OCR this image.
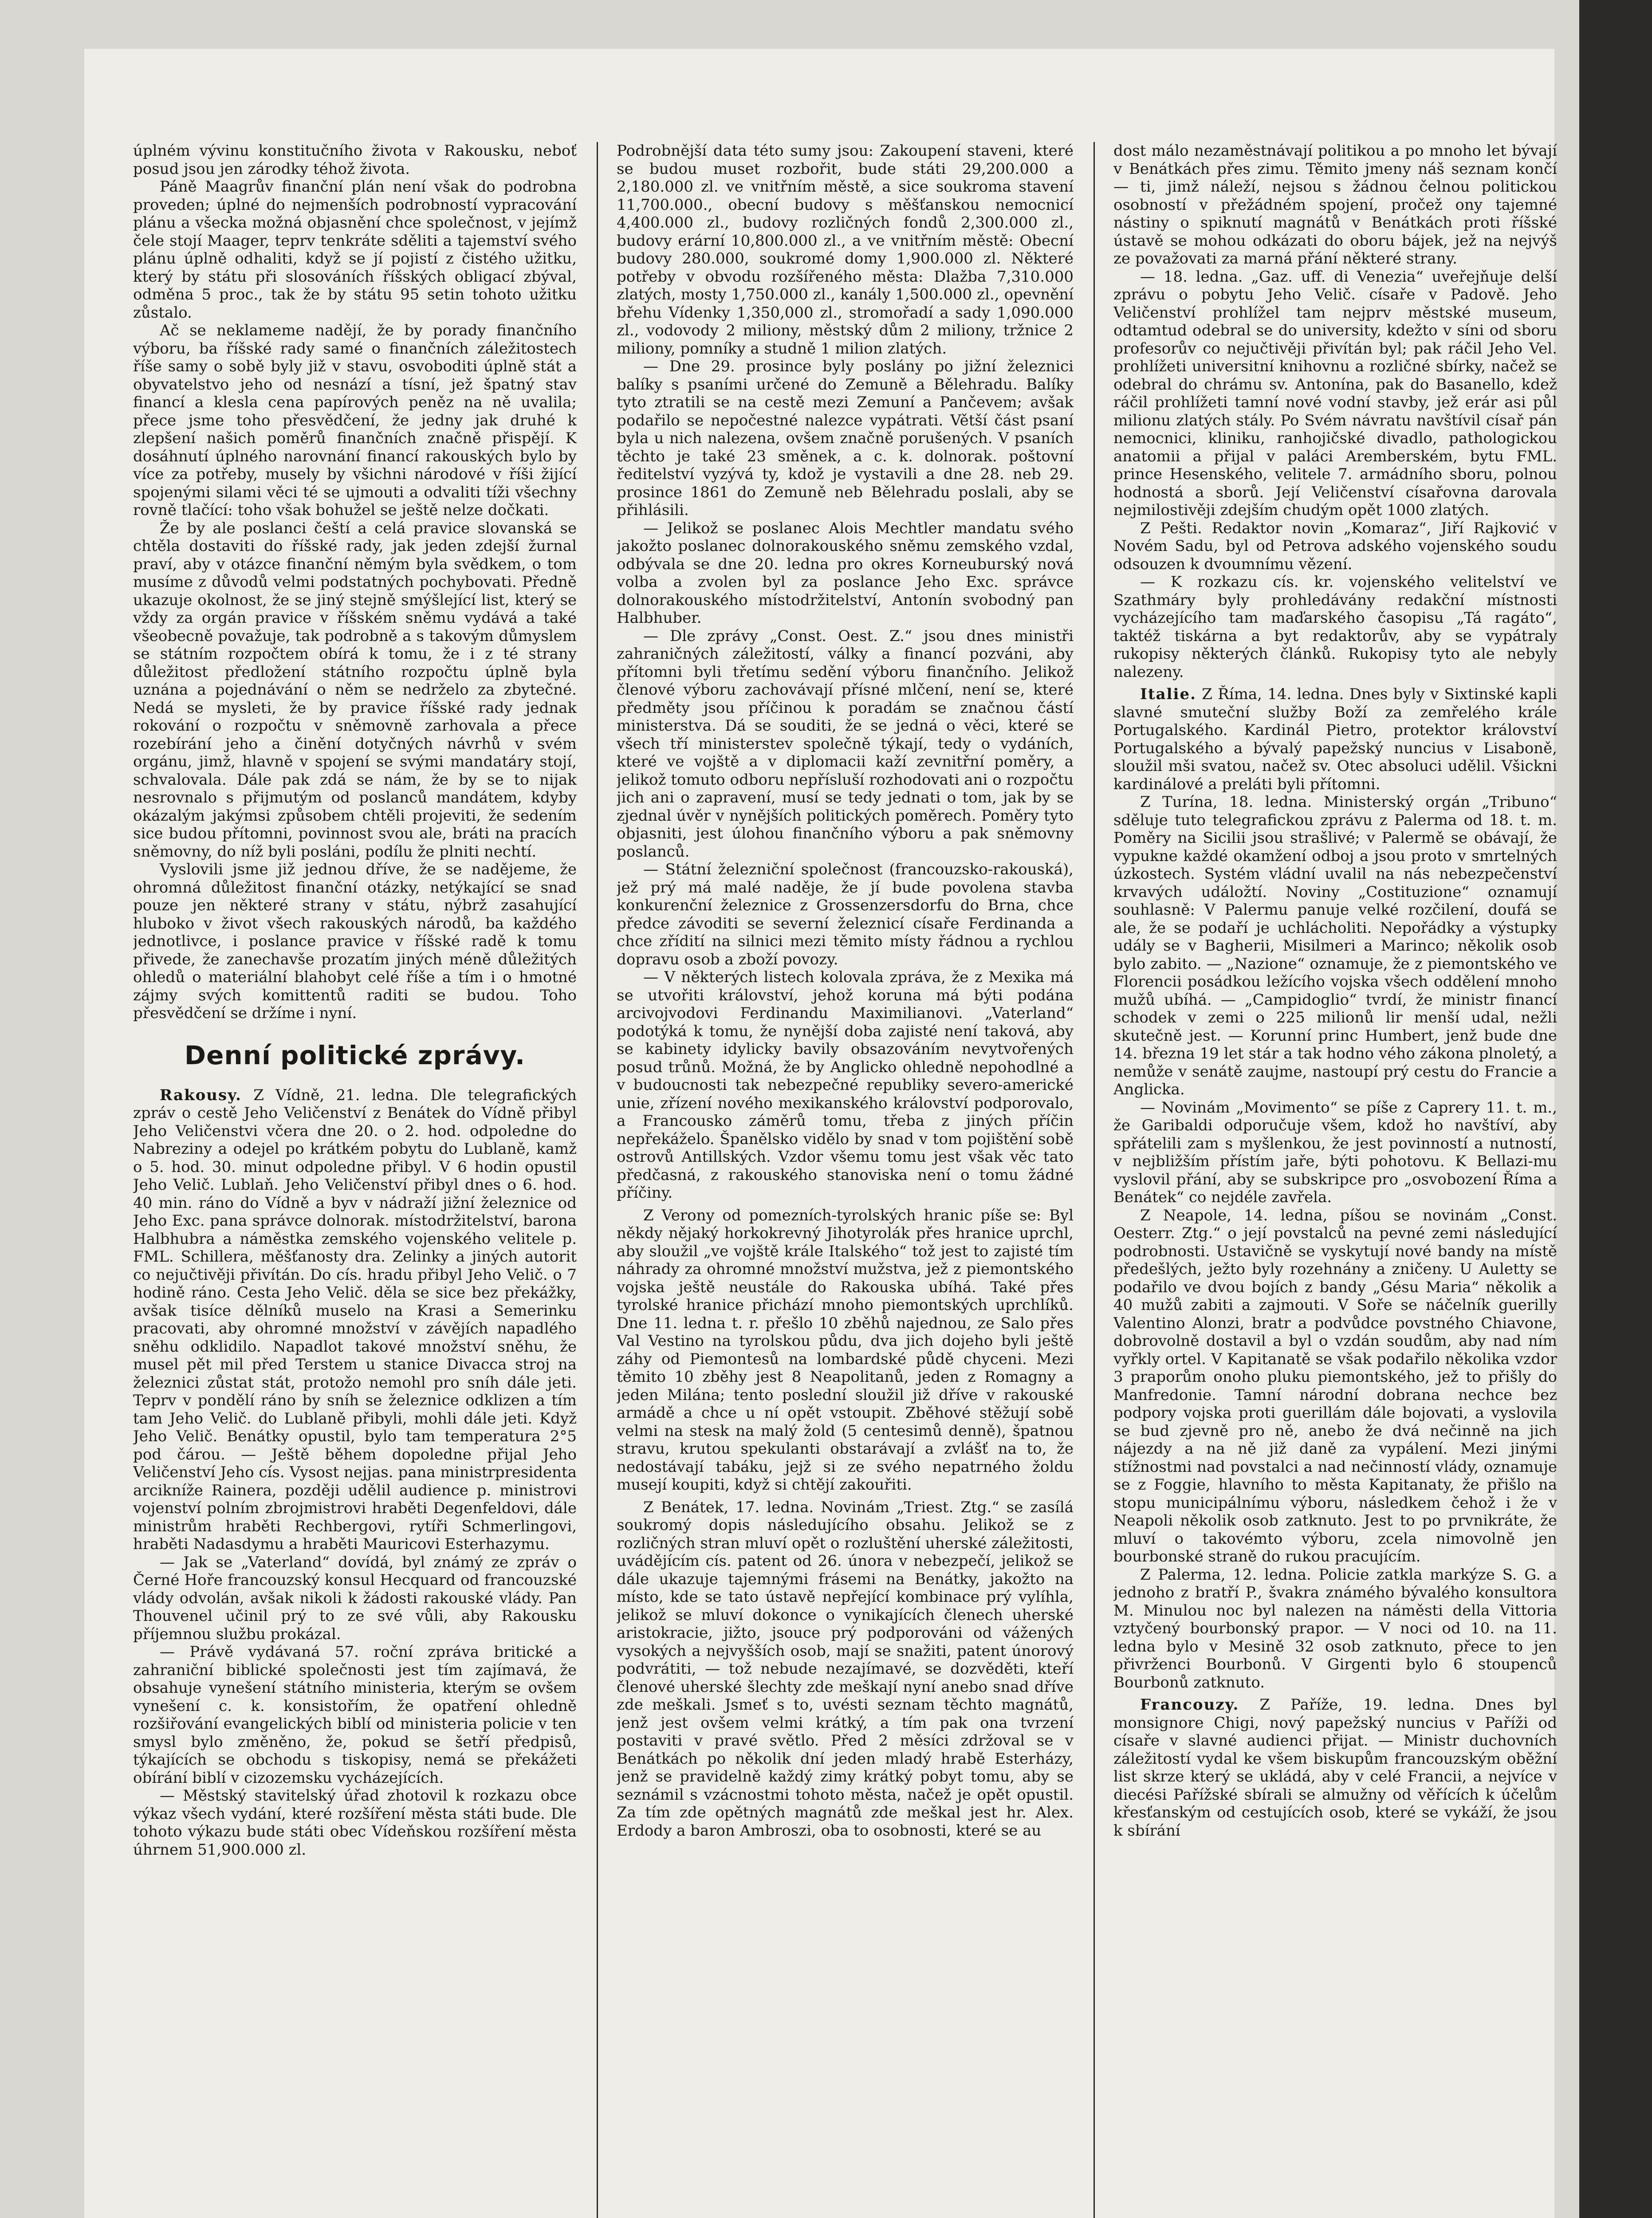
úplném vývinu konstitučního života v Rakousku, neboť posud jsou jen zárodky téhož života.

Páně Maagrův finanční plán není však do podrobna proveden; úplné do nejmenších podrobností vypracování plánu a všecka možná objasnění chce společnost, v jejímž čele stojí Maager, teprv tenkráte sděliti a tajemství svého plánu úplně odhaliti, když se jí pojistí z čistého užitku, který by státu při slosováních říšských obligací zbýval, odměna 5 proc., tak že by státu 95 setin tohoto užitku zůstalo.

Ač se neklameme nadějí, že by porady finančního výboru, ba říšské rady samé o finančních záležitostech říše samy o sobě byly již v stavu, osvoboditi úplně stát a obyvatelstvo jeho od nesnází a tísní, jež špatný stav financí a klesla cena papírových peněz na ně uvalila; přece jsme toho přesvědčení, že jedny jak druhé k zlepšení našich poměrů finančních značně přispějí. K dosáhnutí úplného narovnání financí rakouských bylo by více za potřeby, musely by všichni národové v říši žijící spojenými silami věci té se ujmouti a odvaliti tíži všechny rovně tlačící: toho však bohužel se ještě nelze dočkati.

Že by ale poslanci čeští a celá pravice slovanská se chtěla dostaviti do říšské rady, jak jeden zdejší žurnal praví, aby v otázce finanční němým byla svědkem, o tom musíme z důvodů velmi podstatných pochybovati. Předně ukazuje okolnost, že se jiný stejně smýšlející list, který se vždy za orgán pravice v říšském sněmu vydává a také všeobecně považuje, tak podrobně a s takovým důmyslem se státním rozpočtem obírá k tomu, že i z té strany důležitost předložení státního rozpočtu úplně byla uznána a pojednávání o něm se nedrželo za zbytečné. Nedá se mysleti, že by pravice říšské rady jednak rokování o rozpočtu v sněmovně zarhovala a přece rozebírání jeho a činění dotyčných návrhů v svém orgánu, jimž, hlavně v spojení se svými mandatáry stojí, schvalovala. Dále pak zdá se nám, že by se to nijak nesrovnalo s přijmutým od poslanců mandátem, kdyby okázalým jakýmsi způsobem chtěli projeviti, že sedením sice budou přítomni, povinnost svou ale, bráti na pracích sněmovny, do níž byli posláni, podílu že plniti nechtí.

Vyslovili jsme již jednou dříve, že se nadějeme, že ohromná důležitost finanční otázky, netýkající se snad pouze jen některé strany v státu, nýbrž zasahující hluboko v život všech rakouských národů, ba každého jednotlivce, i poslance pravice v říšské radě k tomu přivede, že zanechavše prozatím jiných méně důležitých ohledů o materiální blahobyt celé říše a tím i o hmotné zájmy svých komittentů raditi se budou. Toho přesvědčení se držíme i nyní.

Denní politické zprávy.

Rakousy. Z Vídně, 21. ledna. Dle telegrafických zpráv o cestě Jeho Veličenství z Benátek do Vídně přibyl Jeho Veličenstvi včera dne 20. o 2. hod. odpoledne do Nabreziny a odejel po krátkém pobytu do Lublaně, kamž o 5. hod. 30. minut odpoledne přibyl. V 6 hodin opustil Jeho Velič. Lublaň. Jeho Veličenství přibyl dnes o 6. hod. 40 min. ráno do Vídně a byv v nádraží jižní železnice od Jeho Exc. pana správce dolnorak. místodržitelství, barona Halbhubra a náměstka zemského vojenského velitele p. FML. Schillera, měšťanosty dra. Zelinky a jiných autorit co nejučtivěji přivítán. Do cís. hradu přibyl Jeho Velič. o 7 hodině ráno. Cesta Jeho Velič. děla se sice bez překážky, avšak tisíce dělníků muselo na Krasi a Semerinku pracovati, aby ohromné množství v závějích napadlého sněhu odklidilo. Napadlot takové množství sněhu, že musel pět mil před Terstem u stanice Divacca stroj na železnici zůstat stát, protožo nemohl pro sníh dále jeti. Teprv v pondělí ráno by sníh se železnice odklizen a tím tam Jeho Velič. do Lublaně přibyli, mohli dále jeti. Když Jeho Velič. Benátky opustil, bylo tam temperatura 2°5 pod čárou. — Ještě během dopoledne přijal Jeho Veličenství Jeho cís. Vysost nejjas. pana ministrpresidenta arcikníže Rainera, později udělil audience p. ministrovi vojenství polním zbrojmistrovi hraběti Degenfeldovi, dále ministrům hraběti Rechbergovi, rytíři Schmerlingovi, hraběti Nadasdymu a hraběti Mauricovi Esterhazymu.

— Jak se „Vaterland“ dovídá, byl známý ze zpráv o Černé Hoře francouzský konsul Hecquard od francouzské vlády odvolán, avšak nikoli k žádosti rakouské vlády. Pan Thouvenel učinil prý to ze své vůli, aby Rakousku příjemnou službu prokázal.

— Právě vydávaná 57. roční zpráva britické a zahraniční biblické společnosti jest tím zajímavá, že obsahuje vynešení státního ministeria, kterým se ovšem vynešení c. k. konsistořím, že opatření ohledně rozšiřování evangelických biblí od ministeria policie v ten smysl bylo změněno, že, pokud se šetří předpisů, týkajících se obchodu s tiskopisy, nemá se překážeti obírání biblí v cizozemsku vycházejících.

— Městský stavitelský úřad zhotovil k rozkazu obce výkaz všech vydání, které rozšíření města státi bude. Dle tohoto výkazu bude státi obec Vídeňskou rozšíření města úhrnem 51,900.000 zl.

Podrobnější data této sumy jsou: Zakoupení staveni, které se budou muset rozbořit, bude státi 29,200.000 a 2,180.000 zl. ve vnitřním městě, a sice soukroma stavení 11,700.000., obecní budovy s měšťanskou nemocnicí 4,400.000 zl., budovy rozličných fondů 2,300.000 zl., budovy erární 10,800.000 zl., a ve vnitřním městě: Obecní budovy 280.000, soukromé domy 1,900.000 zl. Některé potřeby v obvodu rozšířeného města: Dlažba 7,310.000 zlatých, mosty 1,750.000 zl., kanály 1,500.000 zl., opevnění břehu Vídenky 1,350,000 zl., stromořadí a sady 1,090.000 zl., vodovody 2 miliony, městský dům 2 miliony, tržnice 2 miliony, pomníky a studně 1 milion zlatých.

— Dne 29. prosince byly poslány po jižní železnici balíky s psaními určené do Zemuně a Bělehradu. Balíky tyto ztratili se na cestě mezi Zemuní a Pančevem; avšak podařilo se nepočestné nalezce vypátrati. Větší část psaní byla u nich nalezena, ovšem značně porušených. V psaních těchto je také 23 směnek, a c. k. dolnorak. poštovní ředitelství vyzývá ty, kdož je vystavili a dne 28. neb 29. prosince 1861 do Zemuně neb Bělehradu poslali, aby se přihlásili.

— Jelikož se poslanec Alois Mechtler mandatu svého jakožto poslanec dolnorakouského sněmu zemského vzdal, odbývala se dne 20. ledna pro okres Korneuburský nová volba a zvolen byl za poslance Jeho Exc. správce dolnorakouského místodržitelství, Antonín svobodný pan Halbhuber.

— Dle zprávy „Const. Oest. Z.“ jsou dnes ministři zahraničných záležitostí, války a financí pozváni, aby přítomni byli třetímu sedění výboru finančního. Jelikož členové výboru zachovávají přísné mlčení, není se, které předměty jsou příčinou k poradám se značnou částí ministerstva. Dá se souditi, že se jedná o věci, které se všech tří ministerstev společně týkají, tedy o vydáních, které ve vojště a v diplomacii kaží zevnitřní poměry, a jelikož tomuto odboru nepřísluší rozhodovati ani o rozpočtu jich ani o zapravení, musí se tedy jednati o tom, jak by se zjednal úvěr v nynějších politických poměrech. Poměry tyto objasniti, jest úlohou finančního výboru a pak sněmovny poslanců.

— Státní železniční společnost (francouzsko-rakouská), jež prý má malé naděje, že jí bude povolena stavba konkurenční železnice z Grossenzersdorfu do Brna, chce předce závoditi se severní železnicí císaře Ferdinanda a chce zřídití na silnici mezi těmito místy řádnou a rychlou dopravu osob a zboží povozy.

— V některých listech kolovala zpráva, že z Mexika má se utvořiti království, jehož koruna má býti podána arcivojvodovi Ferdinandu Maximilianovi. „Vaterland“ podotýká k tomu, že nynější doba zajisté není taková, aby se kabinety idylicky bavily obsazováním nevytvořených posud trůnů. Možná, že by Anglicko ohledně nepohodlné a v budoucnosti tak nebezpečné republiky severo-americké unie, zřízení nového mexikanského království podporovalo, a Francousko záměrů tomu, třeba z jiných příčin nepřekáželo. Španělsko vidělo by snad v tom pojištění sobě ostrovů Antillských. Vzdor všemu tomu jest však věc tato předčasná, z rakouského stanoviska není o tomu žádné příčiny.

Z Verony od pomezních-tyrolských hranic píše se: Byl někdy nějaký horkokrevný Jihotyrolák přes hranice uprchl, aby sloužil „ve vojště krále Italského“ tož jest to zajisté tím náhrady za ohromné množství mužstva, jež z piemontského vojska ještě neustále do Rakouska ubíhá. Také přes tyrolské hranice přichází mnoho piemontských uprchlíků. Dne 11. ledna t. r. přešlo 10 zběhů najednou, ze Salo přes Val Vestino na tyrolskou půdu, dva jich dojeho byli ještě záhy od Piemontesů na lombardské půdě chyceni. Mezi těmito 10 zběhy jest 8 Neapolitanů, jeden z Romagny a jeden Milána; tento poslední sloužil již dříve v rakouské armádě a chce u ní opět vstoupit. Zběhové stěžují sobě velmi na stesk na malý žold (5 centesimů denně), špatnou stravu, krutou spekulanti obstarávají a zvlášť na to, že nedostávají tabáku, jejž si ze svého nepatrného žoldu musejí koupiti, když si chtějí zakouřiti.

Z Benátek, 17. ledna. Novinám „Triest. Ztg.“ se zasílá soukromý dopis následujícího obsahu. Jelikož se z rozličných stran mluví opět o rozluštění uherské záležitosti, uvádějícím cís. patent od 26. února v nebezpečí, jelikož se dále ukazuje tajemnými frásemi na Benátky, jakožto na místo, kde se tato ústavě nepřející kombinace prý vylíhla, jelikož se mluví dokonce o vynikajících členech uherské aristokracie, jižto, jsouce prý podporováni od vážených vysokých a nejvyšších osob, mají se snažiti, patent únorový podvrátiti, — tož nebude nezajímavé, se dozvěděti, kteří členové uherské šlechty zde meškají nyní anebo snad dříve zde meškali. Jsmeť s to, uvésti seznam těchto magnátů, jenž jest ovšem velmi krátký, a tím pak ona tvrzení postaviti v pravé světlo. Před 2 měsíci zdržoval se v Benátkách po několik dní jeden mladý hrabě Esterházy, jenž se pravidelně každý zimy krátký pobyt tomu, aby se seznámil s vzácnostmi tohoto města, načež je opět opustil. Za tím zde opětných magnátů zde meškal jest hr. Alex. Erdody a baron Ambroszi, oba to osobnosti, které se au

dost málo nezaměstnávají politikou a po mnoho let bývají v Benátkách přes zimu. Těmito jmeny náš seznam končí — ti, jimž náleží, nejsou s žádnou čelnou politickou osobností v přežádném spojení, pročež ony tajemné nástiny o spiknutí magnátů v Benátkách proti říšské ústavě se mohou odkázati do oboru bájek, jež na nejvýš ze považovati za marná přání některé strany.

— 18. ledna. „Gaz. uff. di Venezia“ uveřejňuje delší zprávu o pobytu Jeho Velič. císaře v Padově. Jeho Veličenství prohlížel tam nejprv městské museum, odtamtud odebral se do university, kdežto v síni od sboru profesorův co nejučtivěji přivítán byl; pak ráčil Jeho Vel. prohlížeti universitní knihovnu a rozličné sbírky, načež se odebral do chrámu sv. Antonína, pak do Basanello, kdež ráčil prohlížeti tamní nové vodní stavby, jež erár asi půl milionu zlatých stály. Po Svém návratu navštívil císař pán nemocnici, kliniku, ranhojičské divadlo, pathologickou anatomii a přijal v paláci Aremberském, bytu FML. prince Hesenského, velitele 7. armádního sboru, polnou hodnostá a sborů. Její Veličenství císařovna darovala nejmilostivěji zdejším chudým opět 1000 zlatých.

Z Pešti. Redaktor novin „Komaraz“, Jiří Rajković v Novém Sadu, byl od Petrova adského vojenského soudu odsouzen k dvoumnímu vězení.

— K rozkazu cís. kr. vojenského velitelství ve Szathmáry byly prohledávány redakční místnosti vycházejícího tam maďarského časopisu „Tá ragáto“, taktéž tiskárna a byt redaktorův, aby se vypátraly rukopisy některých článků. Rukopisy tyto ale nebyly nalezeny.

Italie. Z Říma, 14. ledna. Dnes byly v Sixtinské kapli slavné smuteční služby Boží za zemřelého krále Portugalského. Kardinál Pietro, protektor království Portugalského a bývalý papežský nuncius v Lisaboně, sloužil mši svatou, načež sv. Otec absoluci udělil. Všickni kardinálové a preláti byli přítomni.

Z Turína, 18. ledna. Ministerský orgán „Tribuno“ sděluje tuto telegrafickou zprávu z Palerma od 18. t. m. Poměry na Sicilii jsou strašlivé; v Palermě se obávají, že vypukne každé okamžení odboj a jsou proto v smrtelných úzkostech. Systém vládní uvalil na nás nebezpečenství krvavých událožtí. Noviny „Costituzione“ oznamují souhlasně: V Palermu panuje velké rozčilení, doufá se ale, že se podaří je uchlácholiti. Nepořádky a výstupky udály se v Bagherii, Misilmeri a Marinco; několik osob bylo zabito. — „Nazione“ oznamuje, že z piemontského ve Florencii posádkou ležícího vojska všech oddělení mnoho mužů ubíhá. — „Campidoglio“ tvrdí, že ministr financí schodek v zemi o 225 milionů lir menší udal, nežli skutečně jest. — Korunní princ Humbert, jenž bude dne 14. března 19 let stár a tak hodno vého zákona plnoletý, a nemůže v senátě zaujme, nastoupí prý cestu do Francie a Anglicka.

— Novinám „Movimento“ se píše z Caprery 11. t. m., že Garibaldi odporučuje všem, kdož ho navštíví, aby spřátelili zam s myšlenkou, že jest povinností a nutností, v nejbližším přístím jaře, býti pohotovu. K Bellazi-mu vyslovil přání, aby se subskripce pro „osvobození Říma a Benátek“ co nejdéle zavřela.

Z Neapole, 14. ledna, píšou se novinám „Const. Oesterr. Ztg.“ o její povstalců na pevné zemi následující podrobnosti. Ustavičně se vyskytují nové bandy na místě předešlých, ježto byly rozehnány a zničeny. U Auletty se podařilo ve dvou bojích z bandy „Gésu Maria“ několik a 40 mužů zabiti a zajmouti. V Soře se náčelník guerilly Valentino Alonzi, bratr a podvůdce povstného Chiavone, dobrovolně dostavil a byl o vzdán soudům, aby nad ním vyřkly ortel. V Kapitanatě se však podařilo několika vzdor 3 praporům onoho pluku piemontského, jež to přišly do Manfredonie. Tamní národní dobrana nechce bez podpory vojska proti guerillám dále bojovati, a vyslovila se bud zjevně pro ně, anebo že dvá nečinně na jich nájezdy a na ně již daně za vypálení. Mezi jinými stížnostmi nad povstalci a nad nečinností vlády, oznamuje se z Foggie, hlavního to města Kapitanaty, že přišlo na stopu municipálnímu výboru, následkem čehož i že v Neapoli několik osob zatknuto. Jest to po prvnikráte, že mluví o takovémto výboru, zcela nimovolně jen bourbonské straně do rukou pracujícím.

Z Palerma, 12. ledna. Policie zatkla markýze S. G. a jednoho z bratří P., švakra známého bývalého konsultora M. Minulou noc byl nalezen na náměsti della Vittoria vztyčený bourbonský prapor. — V noci od 10. na 11. ledna bylo v Mesině 32 osob zatknuto, přece to jen přivrženci Bourbonů. V Girgenti bylo 6 stoupenců Bourbonů zatknuto.

Francouzy. Z Paříže, 19. ledna. Dnes byl monsignore Chigi, nový papežský nuncius v Paříži od císaře v slavné audienci přijat. — Ministr duchovních záležitostí vydal ke všem biskupům francouzským oběžní list skrze který se ukládá, aby v celé Francii, a nejvíce v diecési Pařížské sbírali se almužny od věřících k účelům křesťanským od cestujících osob, které se vykáží, že jsou k sbírání
